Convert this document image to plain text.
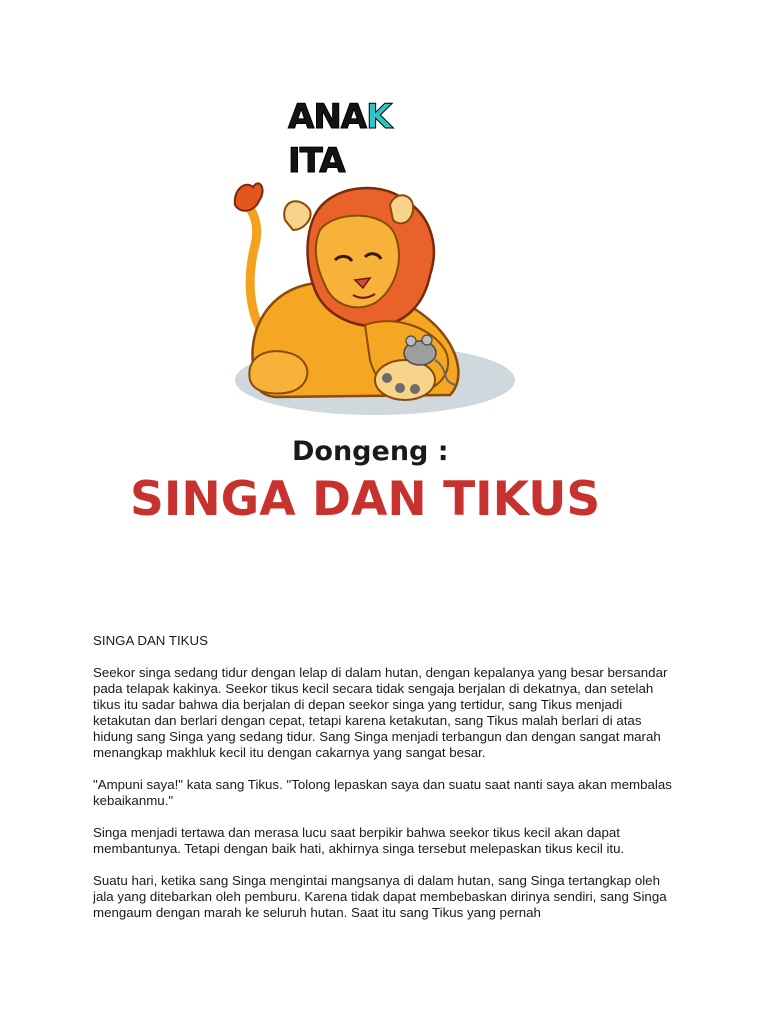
ANAKITA
Dongeng :
SINGA DAN TIKUS

SINGA DAN TIKUS

Seekor singa sedang tidur dengan lelap di dalam hutan, dengan kepalanya yang besar bersandar pada telapak kakinya. Seekor tikus kecil secara tidak sengaja berjalan di dekatnya, dan setelah tikus itu sadar bahwa dia berjalan di depan seekor singa yang tertidur, sang Tikus menjadi ketakutan dan berlari dengan cepat, tetapi karena ketakutan, sang Tikus malah berlari di atas hidung sang Singa yang sedang tidur. Sang Singa menjadi terbangun dan dengan sangat marah menangkap makhluk kecil itu dengan cakarnya yang sangat besar.

"Ampuni saya!" kata sang Tikus. "Tolong lepaskan saya dan suatu saat nanti saya akan membalas kebaikanmu."

Singa menjadi tertawa dan merasa lucu saat berpikir bahwa seekor tikus kecil akan dapat membantunya. Tetapi dengan baik hati, akhirnya singa tersebut melepaskan tikus kecil itu.

Suatu hari, ketika sang Singa mengintai mangsanya di dalam hutan, sang Singa tertangkap oleh jala yang ditebarkan oleh pemburu. Karena tidak dapat membebaskan dirinya sendiri, sang Singa mengaum dengan marah ke seluruh hutan. Saat itu sang Tikus yang pernah
